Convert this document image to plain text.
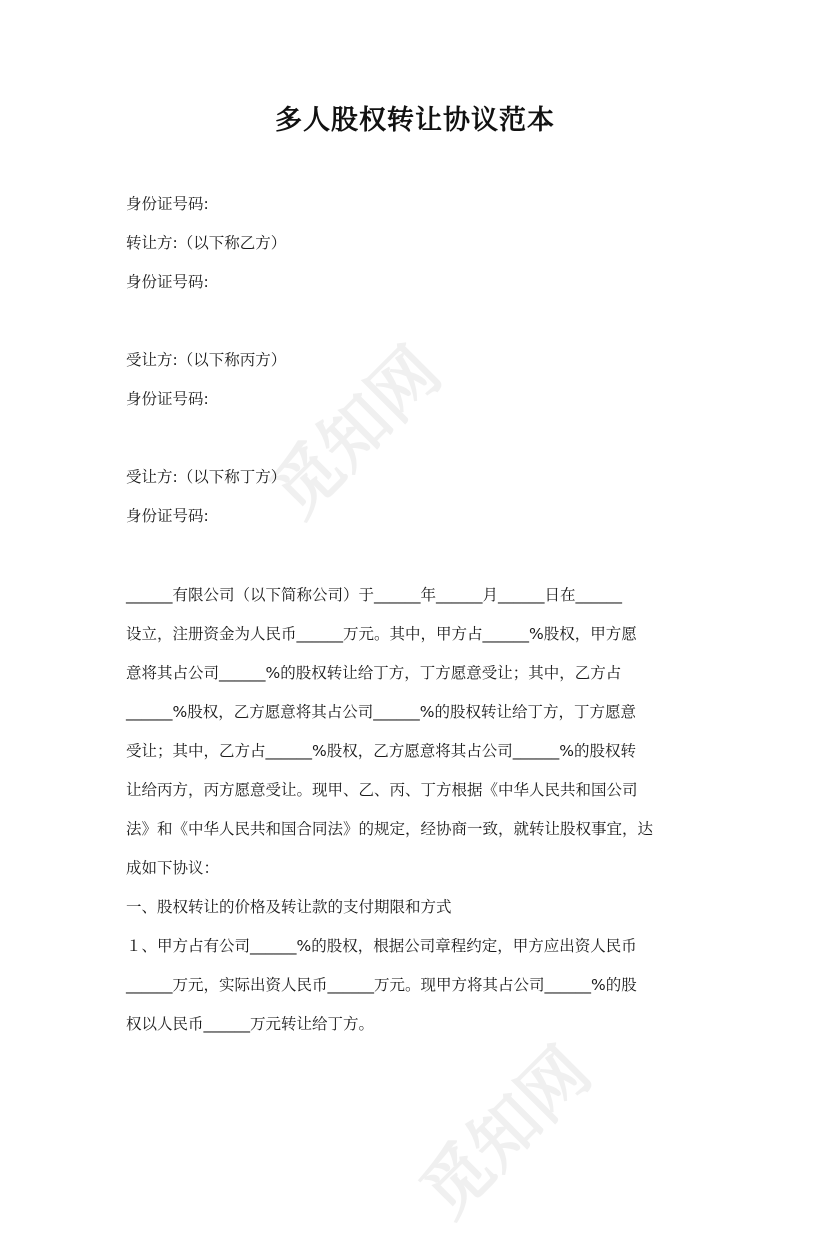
觅知网
觅知网
多人股权转让协议范本
身份证号码:
转让方:（以下称乙方）
身份证号码:
受让方:（以下称丙方）
身份证号码:
受让方:（以下称丁方）
身份证号码:
______有限公司（以下简称公司）于______年______月______日在______
设立，注册资金为人民币______万元。其中，甲方占______%股权，甲方愿
意将其占公司______%的股权转让给丁方，丁方愿意受让；其中，乙方占
______%股权，乙方愿意将其占公司______%的股权转让给丁方，丁方愿意
受让；其中，乙方占______%股权，乙方愿意将其占公司______%的股权转
让给丙方，丙方愿意受让。现甲、乙、丙、丁方根据《中华人民共和国公司
法》和《中华人民共和国合同法》的规定，经协商一致，就转让股权事宜，达
成如下协议：
一、股权转让的价格及转让款的支付期限和方式
１、甲方占有公司______%的股权，根据公司章程约定，甲方应出资人民币
______万元，实际出资人民币______万元。现甲方将其占公司______%的股
权以人民币______万元转让给丁方。
